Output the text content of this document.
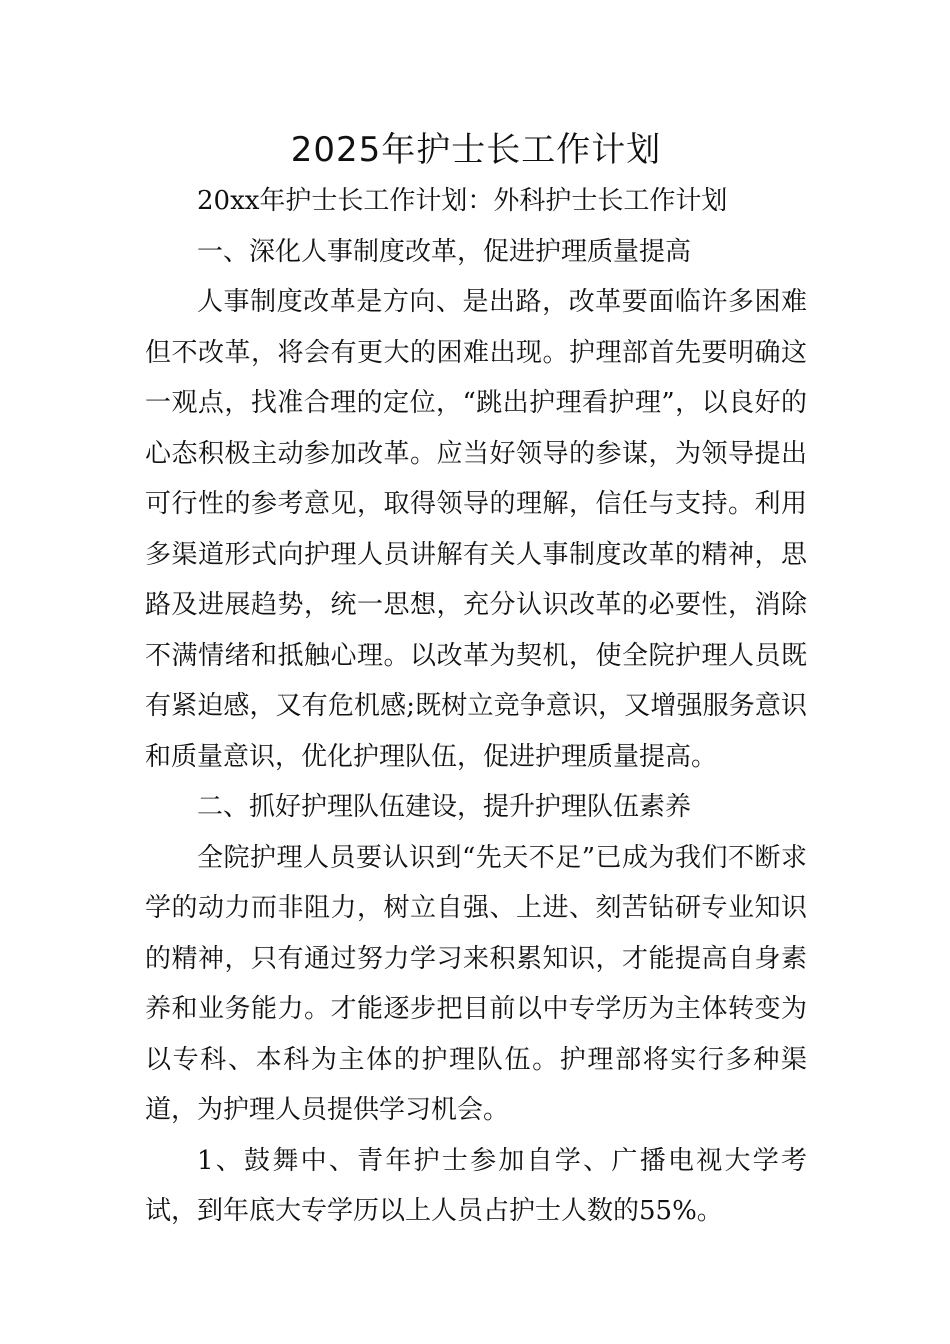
2025年护士长工作计划

20xx年护士长工作计划：外科护士长工作计划

一、深化人事制度改革，促进护理质量提高

人事制度改革是方向、是出路，改革要面临许多困难但不改革，将会有更大的困难出现。护理部首先要明确这一观点，找准合理的定位，“跳出护理看护理”，以良好的心态积极主动参加改革。应当好领导的参谋，为领导提出可行性的参考意见，取得领导的理解，信任与支持。利用多渠道形式向护理人员讲解有关人事制度改革的精神，思路及进展趋势，统一思想，充分认识改革的必要性，消除不满情绪和抵触心理。以改革为契机，使全院护理人员既有紧迫感，又有危机感;既树立竞争意识，又增强服务意识和质量意识，优化护理队伍，促进护理质量提高。

二、抓好护理队伍建设，提升护理队伍素养

全院护理人员要认识到“先天不足”已成为我们不断求学的动力而非阻力，树立自强、上进、刻苦钻研专业知识的精神，只有通过努力学习来积累知识，才能提高自身素养和业务能力。才能逐步把目前以中专学历为主体转变为以专科、本科为主体的护理队伍。护理部将实行多种渠道，为护理人员提供学习机会。

1、鼓舞中、青年护士参加自学、广播电视大学考试，到年底大专学历以上人员占护士人数的55%。
